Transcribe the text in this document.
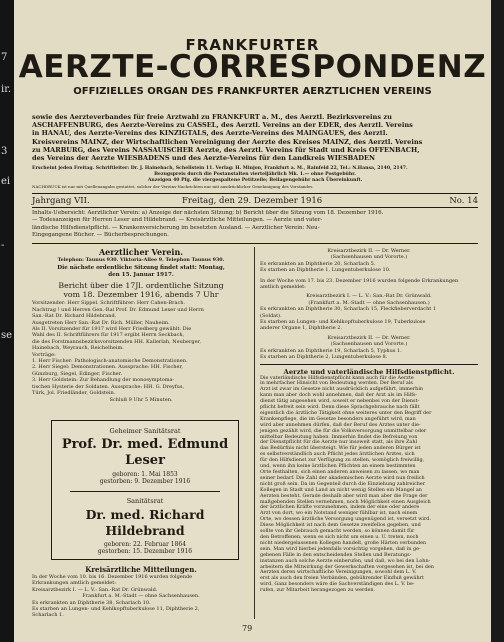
7
ir.
3
ei
-
se
FRANKFURTER
AERZTE-CORRESPONDENZ
OFFIZIELLES ORGAN DES FRANKFURTER AERZTLICHEN VEREINS
sowie des Aerzteverbandes für freie Arztwahl zu FRANKFURT a. M., des Aerztl. Bezirksvereins zu
ASCHAFFENBURG, des Aerzte-Vereins zu CASSEL, des Aerztl. Vereins an der EDER, des Aerztl. Vereins
in HANAU, des Aerzte-Vereins des KINZIGTALS, des Aerzte-Vereins des MAINGAUES, des Aerztl.
Kreisvereins MAINZ, der Wirtschaftlichen Vereinigung der Aerzte des Kreises MAINZ, des Aerztl. Vereins
zu MARBURG, des Vereins NASSAUISCHER Aerzte, des Aerztl. Vereins für Stadt und Kreis OFFENBACH,
des Vereins der Aerzte WIESBADENS und des Aerzte-Vereins für den Landkreis WIESBADEN
Erscheint jeden Freitag. Schriftleiter: Dr. J. Hainebach, Schellstein 11. Verlag: H. Minjon, Frankfurt a. M., Rainfeld 22, Tel.: N.Hansa, 2140, 2147.
Bezugspreis durch die Postanstalten vierteljährlich Mk. 1.— ohne Postgebühr.
Anzeigen 40 Pfg. die viergespaltene Petitzeile; Beilagengebühr nach Übereinkunft.
NACHDRUCK ist nur mit Quellenangabe gestattet, solcher der Vereins-Nachrichten nur mit ausdrücklicher Genehmigung des Vorstandes.
Jahrgang VII.	Freitag, den 29. Dezember 1916	No. 14
Inhalts-Uebersicht: Aerztlicher Verein: a) Anzeige der nächsten Sitzung; b) Bericht über die Sitzung vom 18. Dezember 1916.
— Todesanzeigen für Herren Leser und Hildebrand. — Kreisärztliche Mitteilungen. — Aerzte und vater-
ländische Hilfsdienstpflicht. — Krankenversicherung im besetzten Ausland. — Aerztlicher Verein: Neu-
Eingegangene Bücher. — Bücherbesprechungen.
Aerztlicher Verein.
Telephon: Taunus 930. Viktoria-Allee 9. Telephon Taunus 930.
Die nächste ordentliche Sitzung findet statt: Montag,
den 15. Januar 1917.
Bericht über die 17Jl. ordentliche Sitzung
vom 18. Dezember 1916, abends 7 Uhr
Vorsitzender: Herr Sippel. Schriftführer: Herr Cahen-Brach.
Nachtrag ! und Herren Gen.-Ral Prof. Dr. Edmund Lexer und Herrn
San.-Rat Dr. Richard Hildebrand.
Ausgetreten Herr San.-Rat Dr. Rich. Müller, Nauheim.
Als II. Vorsitzender für 1917 wird Herr Friedberg gewählt. Die
Wahl des II. Schriftführers für 1917 ergibt Herrn Seckbach,
die des Forstmannsbezirksvorsitzenden HH. Kallerlah, Neuberger,
Hainebach, Weyrauch, Reichelheim.
Vorträge:
1. Herr Fischer: Pathologisch-anatomische Demonstrationen.
2. Herr Siegel: Demonstrationen. Aussprache: HH. Fischer,
Günzburg, Siegel, Edinger, Fischer.
3. Herr Goldstein: Zur Behandlung der monosymptoma-
tischen Hysterie der Soldaten. Aussprache: HH. G. Dreyfus,
Türk, Jol. Friedländer, Goldstein.
Schluß 9 Uhr 5 Minuten.
Geheimer Sanitätsrat
Prof. Dr. med. Edmund Leser
geboren: 1. Mai 1853
gestorben: 9. Dezember 1916
Sanitätsrat
Dr. med. Richard Hildebrand
geboren: 22. Februar 1864
gestorben: 15. Dezember 1916
Kreisärztliche Mitteilungen.
In der Woche vom 10. bis 16. Dezember 1916 wurden folgende
Erkrankungen amtlich gemeldet:
Kreisarztbezirk I. — L. V.: San.-Rat Dr. Grünwald.
Frankfurt a. M.-Stadt — ohne Sachsenhausen.
Es erkrankten an Diphtherie 38, Scharlach 10.
Es starben an Lungen- und Kehlkopftuberkulose 11, Diphtherie 2,
Scharlach 1.
Kreisarztbezirk II. — Dr. Werner.
(Sachsenhausen und Vororte.)
Es erkrankten an Diphtherie 20, Scharlach 5.
Es starben an Diphtherie 1, Lungentuberkulose 10.
In der Woche vom 17. bis 23. Dezember 1916 wurden folgende Erkrankungen amtlich gemeldet:
Kreisarztbezirk I. — L. V.: San.-Rat Dr. Grünwald.
(Frankfurt a. M.-Stadt — ohne Sachsenhausen.)
Es erkrankten an Diphtherie 30, Scharlach 15, Fleckfieberverdacht 1
(Soldat).
Es starben an Lungen- und Kehlkopftuberkulose 19, Tuberkulose
anderer Organe 1, Diphtherie 2.
Kreisarztbezirk II. — Dr. Werner.
(Sachsenhausen und Vororte.)
Es erkrankten an Diphtherie 19, Scharlach 5, Typhus 1.
Es starben an Diphtherie 2, Lungentuberkulose 8.
Aerzte und vaterländische Hilfsdienstpflicht.
Die vaterländische Hilfsdienstpflicht kann auch für die Aerzte
in mehrfacher Hinsicht von Bedeutung werden. Der Beruf als
Arzt ist zwar im Gesetze nicht ausdrücklich aufgeführt, immerhin
kann man aber doch wohl annehmen, daß der Arzt als im Hilfs-
dienst tätig angesehen wird, soweit er nebenbei von der Dienst-
pflicht befreit sein wird. Denn diese Sprachgebrauche nach fällt
eigentlich die ärztliche Tätigkeit ohne weiteres unter den Begriff der
Krankenpflege, die im Gesetze besonders angeführt wird, man
wird aber annehmen dürfen, daß der Beruf des Arztes unter die-
jenigen gezählt wird, die für die Volksversorgung unmittelbar oder
mittelbar Bedeutung haben. Immerhin findet die Befreiung von
der Dienstpflicht für die Aerzte nur insoweit statt, als ihre Zahl
das Bedürfnis nicht übersteigt. Wie für jeden anderen Bürger ist
es selbstverständlich auch Pflicht jedes ärztlichen Arztes, sich
für den Hilfsdienst zur Verfügung zu stellen, womöglich freiwillig,
und, wenn ihn keine ärztlichen Pflichten an einem bestimmten
Orte festhalten, sich einen anderen anweisen zu lassen, wo man
seiner bedarf. Die Zahl der akademischen Aerzte wird nun freilich
nicht groß sein. Da im Gegenteil durch die Einziehung zahlreicher
Kollegen in Stadt und Land an nicht wenig Stellen ein Mangel an
Aerzten besteht. Gerade deshalb aber wird man aber die Frage der
maßgebenden Stellen vernehmen, noch Möglichkeit einen Ausgleich
der ärztlichen Kräfte vorzunehmen, indem der eine oder andere
Arzt von dort, wo ein Notstand weniger fühlbar ist, nach einem
Orte, wo dessen ärztliche Versorgung ungenügend ist, versetzt wird.
Diese Möglichkeit ist nach dem Gesetze zweifellos gegeben, und
sollte von ihr Gebrauch gemacht werden, so können damit für
den Betroffenen, wenn es sich nicht um einen u. U. treten, noch
nicht niedergelassenen Kollegen handelt, große Härten verbunden
sein. Man wird hierbei jedenfalls vorsichtig vorgehen, daß in ge-
gebenen Fälle in den entscheidenden Stellen und Beratungs-
instanzen auch solche Aerzte einberufen, und daß, wo bei den Lohn-
arbeitern die Mitwirkung der Gewerkschaften vorgesehen ist, bei den
Aerzten deren wirtschaftliche Vereinigungen, sowohl dem L. V.
erst als auch den freien Verbänden, gebührender Einfluß gewährt
wird. Ganz besonders wäre die Sachverständigen des L. V. be-
rufen, zur Mitarbeit herangezogen zu werden.
79
